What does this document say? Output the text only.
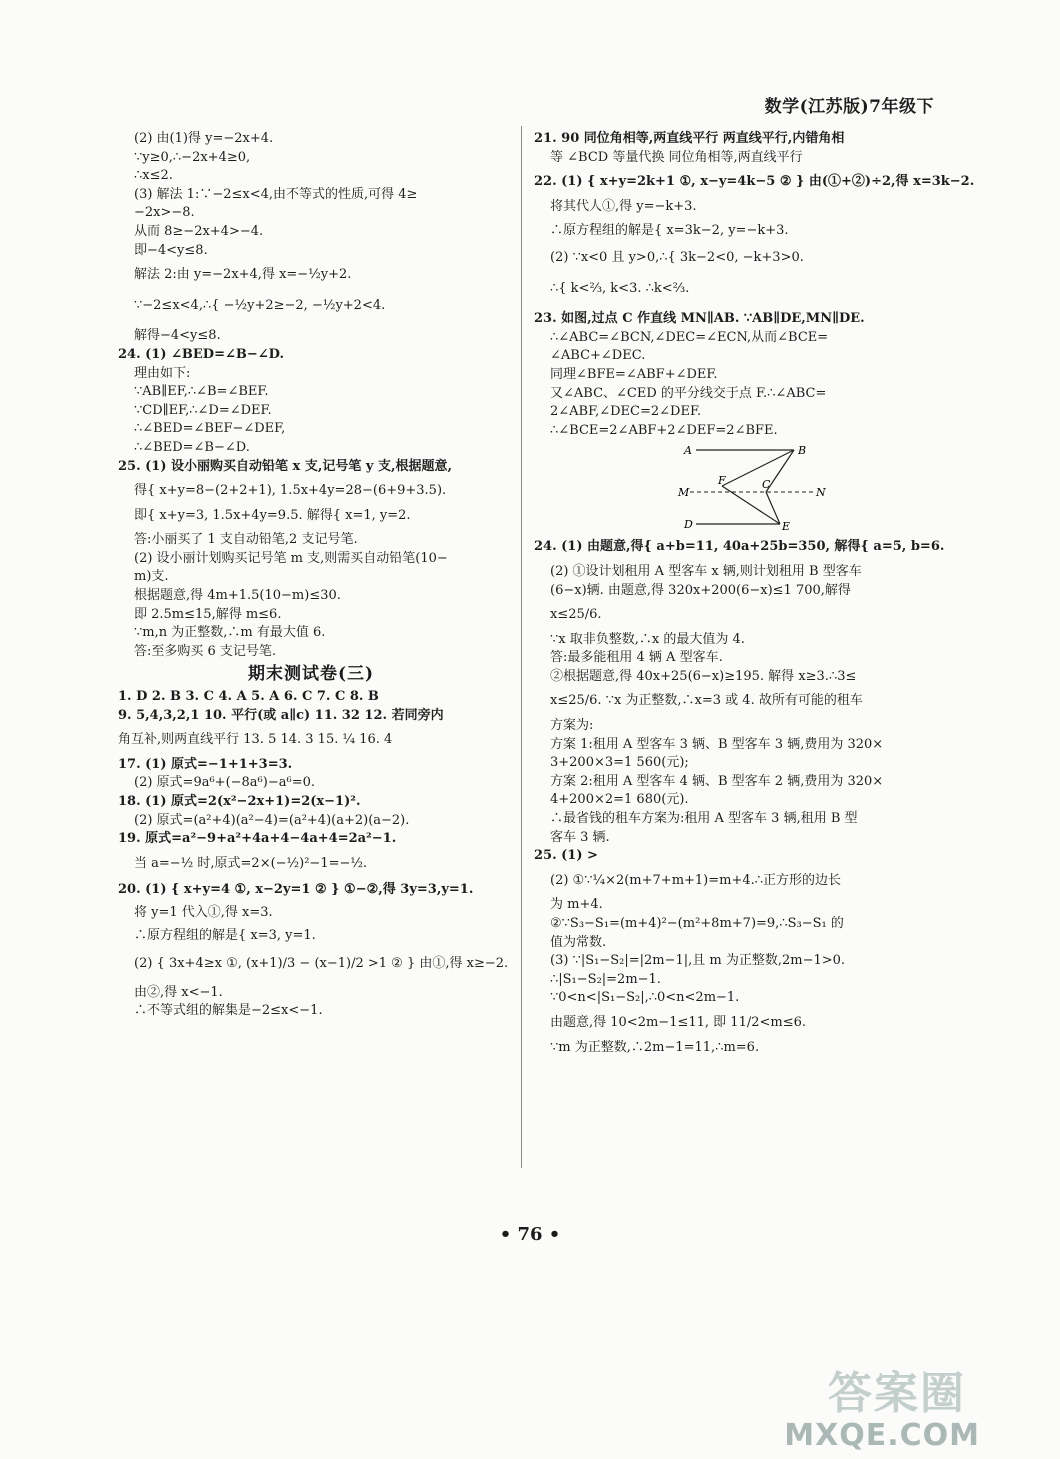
数学(江苏版)7年级下
(2) 由(1)得 y=−2x+4.
∵y≥0,∴−2x+4≥0,
∴x≤2.
(3) 解法 1:∵−2≤x<4,由不等式的性质,可得 4≥
−2x>−8.
从而 8≥−2x+4>−4.
即−4<y≤8.
解法 2:由 y=−2x+4,得 x=−½y+2.
∵−2≤x<4,∴{ −½y+2≥−2, −½y+2<4.
解得−4<y≤8.
24. (1) ∠BED=∠B−∠D.
理由如下:
∵AB∥EF,∴∠B=∠BEF.
∵CD∥EF,∴∠D=∠DEF.
∴∠BED=∠BEF−∠DEF,
∴∠BED=∠B−∠D.
25. (1) 设小丽购买自动铅笔 x 支,记号笔 y 支,根据题意,
得{ x+y=8−(2+2+1), 1.5x+4y=28−(6+9+3.5).
即{ x+y=3, 1.5x+4y=9.5. 解得{ x=1, y=2.
答:小丽买了 1 支自动铅笔,2 支记号笔.
(2) 设小丽计划购买记号笔 m 支,则需买自动铅笔(10−
m)支.
根据题意,得 4m+1.5(10−m)≤30.
即 2.5m≤15,解得 m≤6.
∵m,n 为正整数,∴m 有最大值 6.
答:至多购买 6 支记号笔.
期末测试卷(三)
1. D 2. B 3. C 4. A 5. A 6. C 7. C 8. B
9. 5,4,3,2,1 10. 平行(或 a∥c) 11. 32 12. 若同旁内
角互补,则两直线平行 13. 5 14. 3 15. ¼ 16. 4
17. (1) 原式=−1+1+3=3.
(2) 原式=9a⁶+(−8a⁶)−a⁶=0.
18. (1) 原式=2(x²−2x+1)=2(x−1)².
(2) 原式=(a²+4)(a²−4)=(a²+4)(a+2)(a−2).
19. 原式=a²−9+a²+4a+4−4a+4=2a²−1.
当 a=−½ 时,原式=2×(−½)²−1=−½.
20. (1) { x+y=4 ①, x−2y=1 ② } ①−②,得 3y=3,y=1.
将 y=1 代入①,得 x=3.
∴原方程组的解是{ x=3, y=1.
(2) { 3x+4≥x ①, (x+1)/3 − (x−1)/2 >1 ② } 由①,得 x≥−2.
由②,得 x<−1.
∴不等式组的解集是−2≤x<−1.
21. 90 同位角相等,两直线平行 两直线平行,内错角相
等 ∠BCD 等量代换 同位角相等,两直线平行
22. (1) { x+y=2k+1 ①, x−y=4k−5 ② } 由(①+②)÷2,得 x=3k−2.
将其代人①,得 y=−k+3.
∴原方程组的解是{ x=3k−2, y=−k+3.
(2) ∵x<0 且 y>0,∴{ 3k−2<0, −k+3>0.
∴{ k<⅔, k<3. ∴k<⅔.
23. 如图,过点 C 作直线 MN∥AB. ∵AB∥DE,MN∥DE.
∴∠ABC=∠BCN,∠DEC=∠ECN,从而∠BCE=
∠ABC+∠DEC.
同理∠BFE=∠ABF+∠DEF.
又∠ABC、∠CED 的平分线交于点 F.∴∠ABC=
2∠ABF,∠DEC=2∠DEF.
∴∠BCE=2∠ABF+2∠DEF=2∠BFE.
A	B
F	C
M	N
D	E
24. (1) 由题意,得{ a+b=11, 40a+25b=350, 解得{ a=5, b=6.
(2) ①设计划租用 A 型客车 x 辆,则计划租用 B 型客车
(6−x)辆. 由题意,得 320x+200(6−x)≤1 700,解得
x≤25/6.
∵x 取非负整数,∴x 的最大值为 4.
答:最多能租用 4 辆 A 型客车.
②根据题意,得 40x+25(6−x)≥195. 解得 x≥3.∴3≤
x≤25/6. ∵x 为正整数,∴x=3 或 4. 故所有可能的租车
方案为:
方案 1:租用 A 型客车 3 辆、B 型客车 3 辆,费用为 320×
3+200×3=1 560(元);
方案 2:租用 A 型客车 4 辆、B 型客车 2 辆,费用为 320×
4+200×2=1 680(元).
∴最省钱的租车方案为:租用 A 型客车 3 辆,租用 B 型
客车 3 辆.
25. (1) >
(2) ①∵¼×2(m+7+m+1)=m+4.∴正方形的边长
为 m+4.
②∵S₃−S₁=(m+4)²−(m²+8m+7)=9,∴S₃−S₁ 的
值为常数.
(3) ∵|S₁−S₂|=|2m−1|,且 m 为正整数,2m−1>0.
∴|S₁−S₂|=2m−1.
∵0<n<|S₁−S₂|,∴0<n<2m−1.
由题意,得 10<2m−1≤11, 即 11/2<m≤6.
∵m 为正整数,∴2m−1=11,∴m=6.
• 76 •
答案圈
MXQE.COM
